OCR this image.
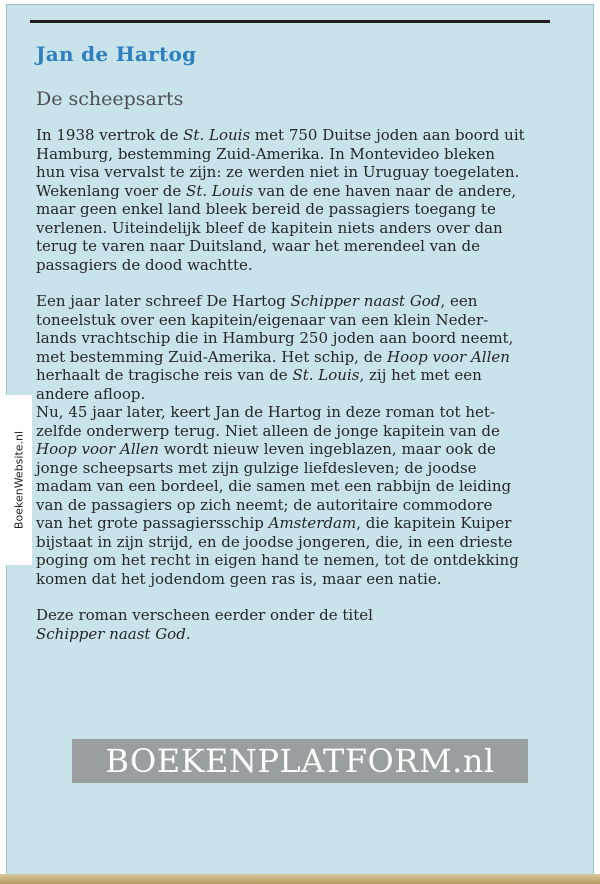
Jan de Hartog
De scheepsarts

In 1938 vertrok de St. Louis met 750 Duitse joden aan boord uit
Hamburg, bestemming Zuid-Amerika. In Montevideo bleken
hun visa vervalst te zijn: ze werden niet in Uruguay toegelaten.
Wekenlang voer de St. Louis van de ene haven naar de andere,
maar geen enkel land bleek bereid de passagiers toegang te
verlenen. Uiteindelijk bleef de kapitein niets anders over dan
terug te varen naar Duitsland, waar het merendeel van de
passagiers de dood wachtte.

Een jaar later schreef De Hartog Schipper naast God, een
toneelstuk over een kapitein/eigenaar van een klein Neder-
lands vrachtschip die in Hamburg 250 joden aan boord neemt,
met bestemming Zuid-Amerika. Het schip, de Hoop voor Allen
herhaalt de tragische reis van de St. Louis, zij het met een
andere afloop.
Nu, 45 jaar later, keert Jan de Hartog in deze roman tot het-
zelfde onderwerp terug. Niet alleen de jonge kapitein van de
Hoop voor Allen wordt nieuw leven ingeblazen, maar ook de
jonge scheepsarts met zijn gulzige liefdesleven; de joodse
madam van een bordeel, die samen met een rabbijn de leiding
van de passagiers op zich neemt; de autoritaire commodore
van het grote passagiersschip Amsterdam, die kapitein Kuiper
bijstaat in zijn strijd, en de joodse jongeren, die, in een drieste
poging om het recht in eigen hand te nemen, tot de ontdekking
komen dat het jodendom geen ras is, maar een natie.

Deze roman verscheen eerder onder de titel
Schipper naast God.

BoekenWebsite.nl
BOEKENPLATFORM.nl
